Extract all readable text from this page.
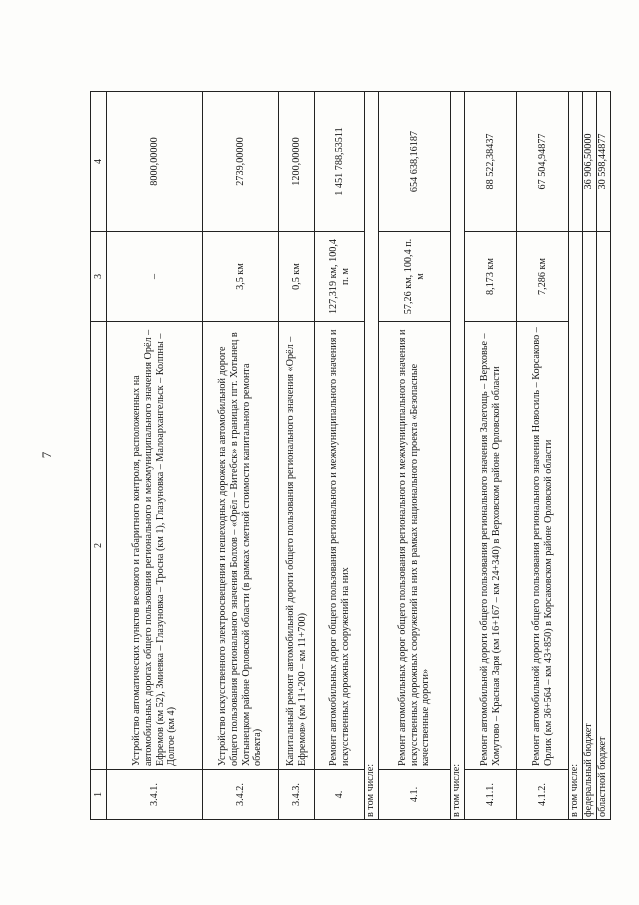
7
1	2	3	4
3.4.1.	Устройство автоматических пунктов весового и габаритного контроля, расположенных на автомобильных дорогах общего пользования регионального и межмуниципального значения Орёл – Ефремов (км 52), Змиевка – Глазуновка – Тросна (км 1), Глазуновка – Малоархангельск – Колпны – Долгое (км 4)	–	8000,00000
3.4.2.	Устройство искусственного электроосвещения и пешеходных дорожек на автомобильной дороге общего пользования регионального значения Болхов – «Орёл – Витебск» в границах пгт. Хотынец в Хотынецком районе Орловской области (в рамках сметной стоимости капитального ремонта объекта)	3,5 км	2739,00000
3.4.3.	Капитальный ремонт автомобильной дороги общего пользования регионального значения «Орёл – Ефремов» (км 11+200 – км 11+700)	0,5 км	1200,00000
4.	Ремонт автомобильных дорог общего пользования регионального и межмуниципального значения и искусственных дорожных сооружений на них	127,319 км, 100,4 п. м	1 451 788,53511
в том числе:			
4.1.	Ремонт автомобильных дорог общего пользования регионального и межмуниципального значения и искусственных дорожных сооружений на них в рамках национального проекта «Безопасные качественные дороги»	57,26 км, 100,4 п. м	654 638,16187
в том числе:			
4.1.1.	Ремонт автомобильной дороги общего пользования регионального значения Залегощь – Верховье – Хомутово – Красная Заря (км 16+167 – км 24+340) в Верховском районе Орловской области	8,173 км	88 522,38437
4.1.2.	Ремонт автомобильной дороги общего пользования регионального значения Новосиль – Корсаково – Орлик (км 36+564 – км 43+850) в Корсаковском районе Орловской области	7,286 км	67 504,94877
в том числе:			
федеральный бюджет			36 906,50000
областной бюджет			30 598,44877
